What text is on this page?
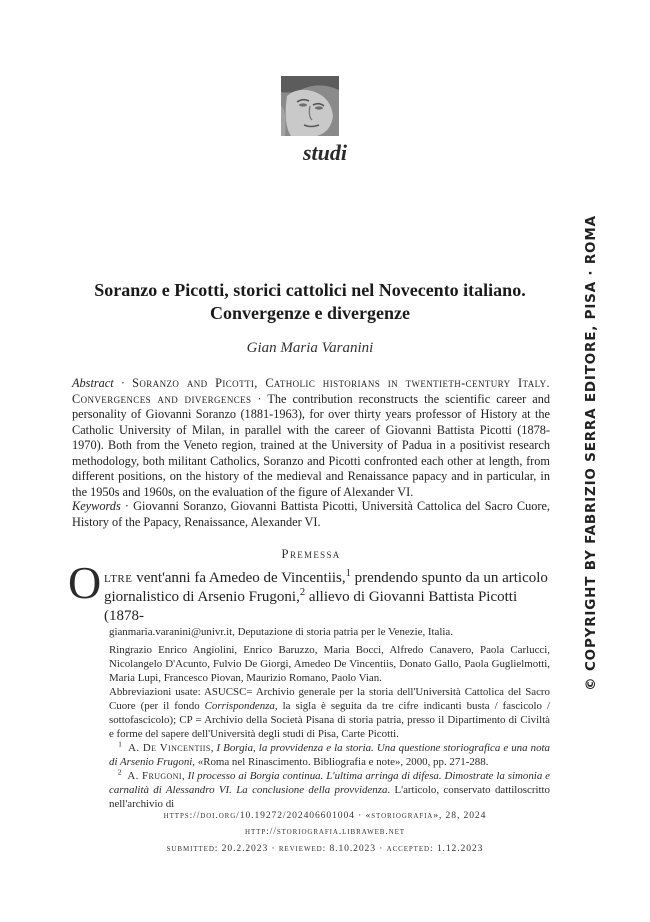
studi
© COPYRIGHT BY FABRIZIO SERRA EDITORE, PISA · ROMA
Soranzo e Picotti, storici cattolici nel Novecento italiano.
Convergenze e divergenze
Gian Maria Varanini
Abstract · Soranzo and Picotti, Catholic historians in twentieth-century Italy. Convergences and divergences · The contribution reconstructs the scientific career and personality of Giovanni Soranzo (1881-1963), for over thirty years professor of History at the Catholic University of Milan, in parallel with the career of Giovanni Battista Picotti (1878-1970). Both from the Veneto region, trained at the University of Padua in a positivist research methodology, both militant Catholics, Soranzo and Picotti confronted each other at length, from different positions, on the history of the medieval and Renaissance papacy and in particular, in the 1950s and 1960s, on the evaluation of the figure of Alexander VI.
Keywords · Giovanni Soranzo, Giovanni Battista Picotti, Università Cattolica del Sacro Cuore, History of the Papacy, Renaissance, Alexander VI.
Premessa
O ltre vent'anni fa Amedeo de Vincentiis,$^1$ prendendo spunto da un articolo
giornalistico di Arsenio Frugoni,$^2$ allievo di Giovanni Battista Picotti (1878-
gianmaria.varanini@univr.it, Deputazione di storia patria per le Venezie, Italia.
Ringrazio Enrico Angiolini, Enrico Baruzzo, Maria Bocci, Alfredo Canavero, Paola Carlucci, Nicolangelo D'Acunto, Fulvio De Giorgi, Amedeo De Vincentiis, Donato Gallo, Paola Guglielmotti, Maria Lupi, Francesco Piovan, Maurizio Romano, Paolo Vian.
Abbreviazioni usate: ASUCSC= Archivio generale per la storia dell'Università Cattolica del Sacro Cuore (per il fondo Corrispondenza, la sigla è seguita da tre cifre indicanti busta / fascicolo / sottofascicolo); CP = Archivio della Società Pisana di storia patria, presso il Dipartimento di Civiltà e forme del sapere dell'Università degli studi di Pisa, Carte Picotti.
$^1$ A. De Vincentiis, I Borgia, la provvidenza e la storia. Una questione storiografica e una nota di Arsenio Frugoni, «Roma nel Rinascimento. Bibliografia e note», 2000, pp. 271-288.
$^2$ A. Frugoni, Il processo ai Borgia continua. L'ultima arringa di difesa. Dimostrate la simonia e carnalità di Alessandro VI. La conclusione della provvidenza. L'articolo, conservato dattiloscritto nell'archivio di
https://doi.org/10.19272/202406601004 · «storiografia», 28, 2024
http://storiografia.libraweb.net
submitted: 20.2.2023 · reviewed: 8.10.2023 · accepted: 1.12.2023
